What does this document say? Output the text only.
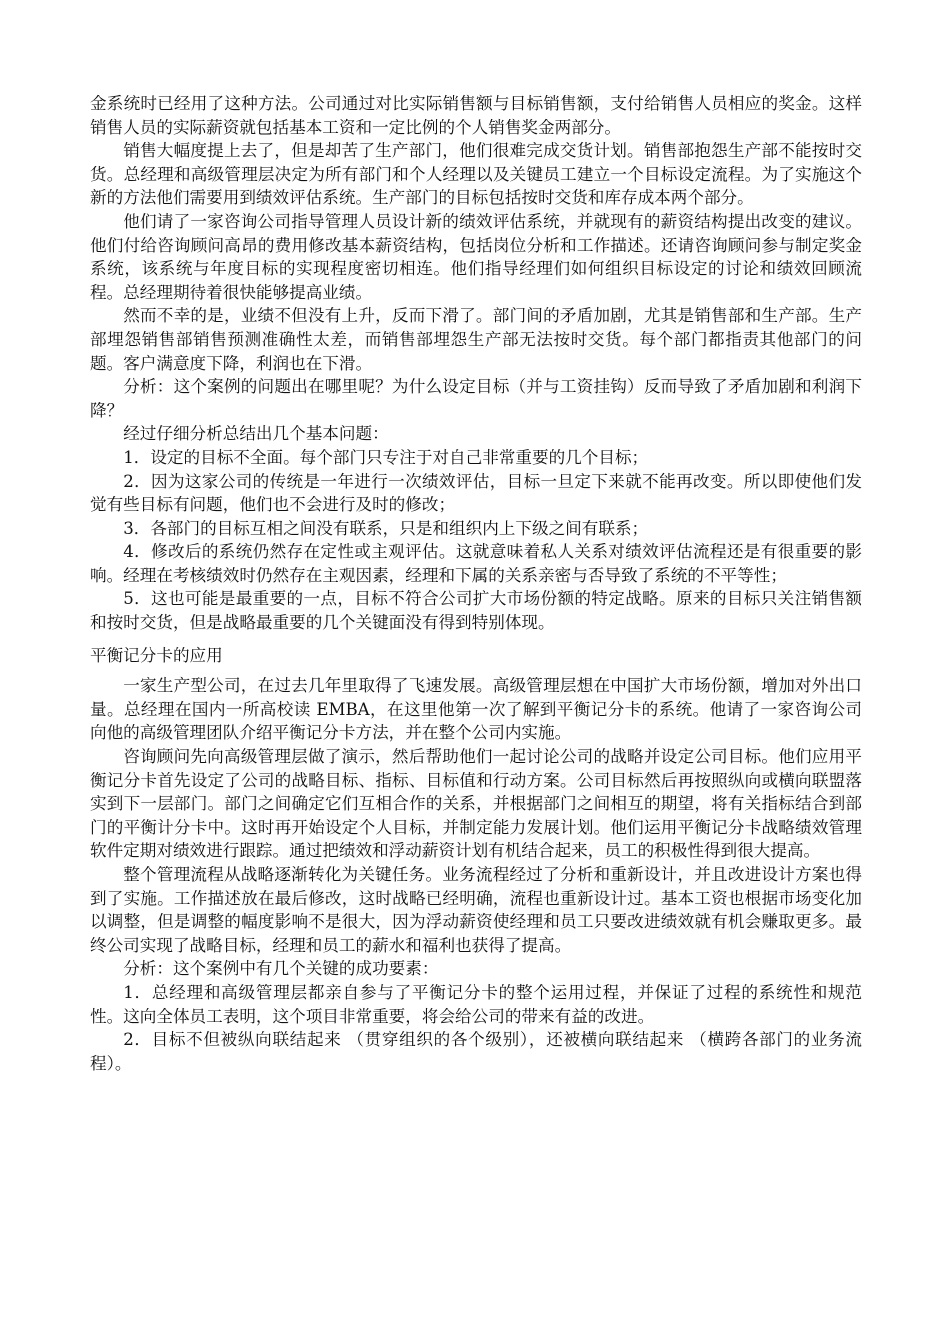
金系统时已经用了这种方法。公司通过对比实际销售额与目标销售额，支付给销售人员相应的奖金。这样销售人员的实际薪资就包括基本工资和一定比例的个人销售奖金两部分。

销售大幅度提上去了，但是却苦了生产部门，他们很难完成交货计划。销售部抱怨生产部不能按时交货。总经理和高级管理层决定为所有部门和个人经理以及关键员工建立一个目标设定流程。为了实施这个新的方法他们需要用到绩效评估系统。生产部门的目标包括按时交货和库存成本两个部分。

他们请了一家咨询公司指导管理人员设计新的绩效评估系统，并就现有的薪资结构提出改变的建议。他们付给咨询顾问高昂的费用修改基本薪资结构，包括岗位分析和工作描述。还请咨询顾问参与制定奖金系统，该系统与年度目标的实现程度密切相连。他们指导经理们如何组织目标设定的讨论和绩效回顾流程。总经理期待着很快能够提高业绩。

然而不幸的是，业绩不但没有上升，反而下滑了。部门间的矛盾加剧，尤其是销售部和生产部。生产部埋怨销售部销售预测准确性太差，而销售部埋怨生产部无法按时交货。每个部门都指责其他部门的问题。客户满意度下降，利润也在下滑。

分析：这个案例的问题出在哪里呢？为什么设定目标（并与工资挂钩）反而导致了矛盾加剧和利润下降？

经过仔细分析总结出几个基本问题：

1．设定的目标不全面。每个部门只专注于对自己非常重要的几个目标；

2．因为这家公司的传统是一年进行一次绩效评估，目标一旦定下来就不能再改变。所以即使他们发觉有些目标有问题，他们也不会进行及时的修改；

3．各部门的目标互相之间没有联系，只是和组织内上下级之间有联系；

4．修改后的系统仍然存在定性或主观评估。这就意味着私人关系对绩效评估流程还是有很重要的影响。经理在考核绩效时仍然存在主观因素，经理和下属的关系亲密与否导致了系统的不平等性；

5．这也可能是最重要的一点，目标不符合公司扩大市场份额的特定战略。原来的目标只关注销售额和按时交货，但是战略最重要的几个关键面没有得到特别体现。

平衡记分卡的应用

一家生产型公司，在过去几年里取得了飞速发展。高级管理层想在中国扩大市场份额，增加对外出口量。总经理在国内一所高校读 EMBA，在这里他第一次了解到平衡记分卡的系统。他请了一家咨询公司向他的高级管理团队介绍平衡记分卡方法，并在整个公司内实施。

咨询顾问先向高级管理层做了演示，然后帮助他们一起讨论公司的战略并设定公司目标。他们应用平衡记分卡首先设定了公司的战略目标、指标、目标值和行动方案。公司目标然后再按照纵向或横向联盟落实到下一层部门。部门之间确定它们互相合作的关系，并根据部门之间相互的期望，将有关指标结合到部门的平衡计分卡中。这时再开始设定个人目标，并制定能力发展计划。他们运用平衡记分卡战略绩效管理软件定期对绩效进行跟踪。通过把绩效和浮动薪资计划有机结合起来，员工的积极性得到很大提高。

整个管理流程从战略逐渐转化为关键任务。业务流程经过了分析和重新设计，并且改进设计方案也得到了实施。工作描述放在最后修改，这时战略已经明确，流程也重新设计过。基本工资也根据市场变化加以调整，但是调整的幅度影响不是很大，因为浮动薪资使经理和员工只要改进绩效就有机会赚取更多。最终公司实现了战略目标，经理和员工的薪水和福利也获得了提高。

分析：这个案例中有几个关键的成功要素：

1．总经理和高级管理层都亲自参与了平衡记分卡的整个运用过程，并保证了过程的系统性和规范性。这向全体员工表明，这个项目非常重要，将会给公司的带来有益的改进。

2．目标不但被纵向联结起来 （贯穿组织的各个级别），还被横向联结起来 （横跨各部门的业务流程）。
